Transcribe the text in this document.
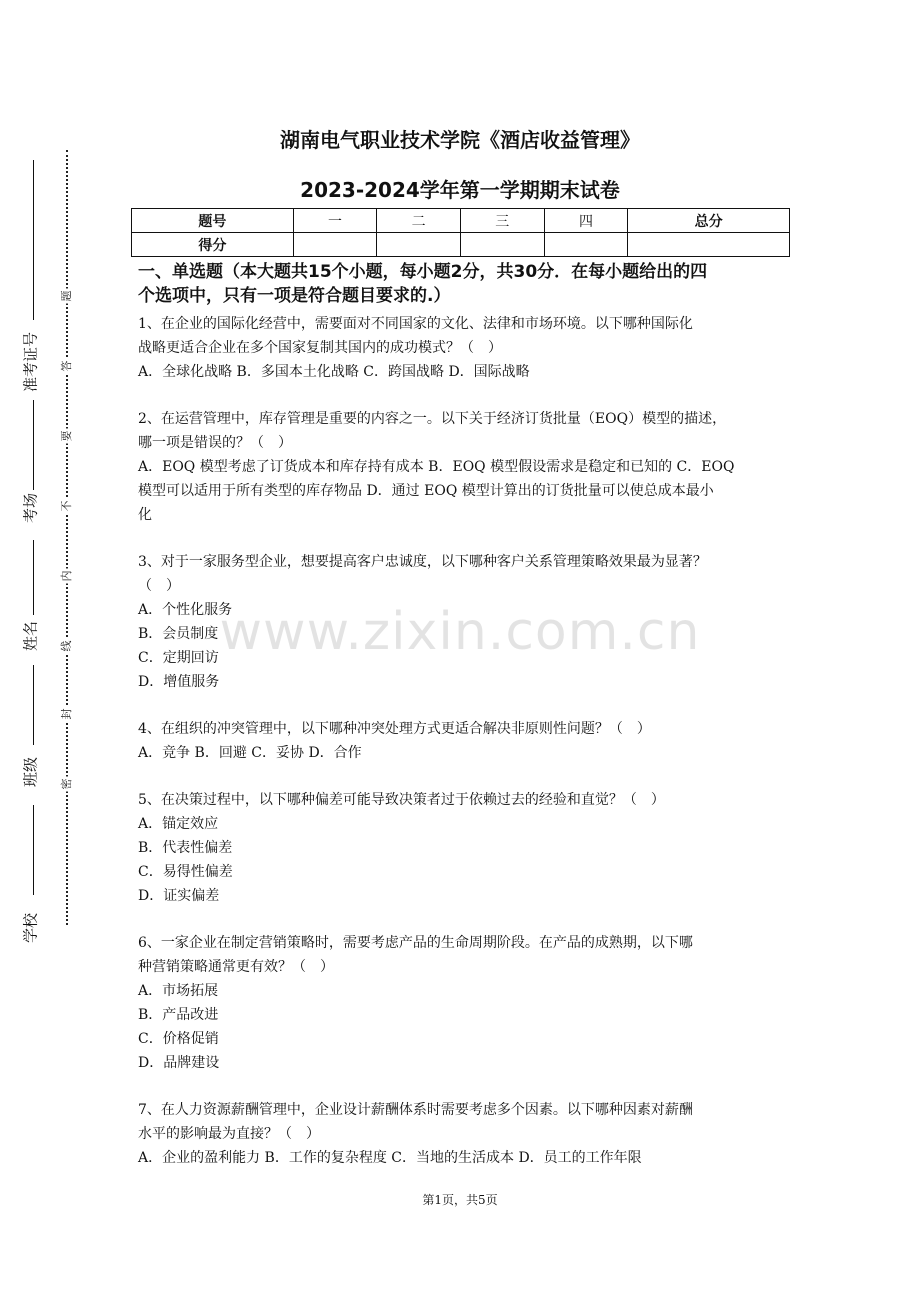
准考证号
考场
姓名
班级
学校
题
答
要
不
内
线
封
密
湖南电气职业技术学院《酒店收益管理》
2023-2024学年第一学期期末试卷
题号	一	二	三	四	总分
得分					
一、单选题（本大题共15个小题，每小题2分，共30分．在每小题给出的四
个选项中，只有一项是符合题目要求的.）

1、在企业的国际化经营中，需要面对不同国家的文化、法律和市场环境。以下哪种国际化

战略更适合企业在多个国家复制其国内的成功模式？（　）

A．全球化战略 B．多国本土化战略 C．跨国战略 D．国际战略

2、在运营管理中，库存管理是重要的内容之一。以下关于经济订货批量（EOQ）模型的描述，

哪一项是错误的？（　）

A．EOQ 模型考虑了订货成本和库存持有成本 B．EOQ 模型假设需求是稳定和已知的 C．EOQ

模型可以适用于所有类型的库存物品 D．通过 EOQ 模型计算出的订货批量可以使总成本最小

化

3、对于一家服务型企业，想要提高客户忠诚度，以下哪种客户关系管理策略效果最为显著？

（　）

A．个性化服务

B．会员制度

C．定期回访

D．增值服务

4、在组织的冲突管理中，以下哪种冲突处理方式更适合解决非原则性问题？（　）

A．竞争 B．回避 C．妥协 D．合作

5、在决策过程中，以下哪种偏差可能导致决策者过于依赖过去的经验和直觉？（　）

A．锚定效应

B．代表性偏差

C．易得性偏差

D．证实偏差

6、一家企业在制定营销策略时，需要考虑产品的生命周期阶段。在产品的成熟期，以下哪

种营销策略通常更有效？（　）

A．市场拓展

B．产品改进

C．价格促销

D．品牌建设

7、在人力资源薪酬管理中，企业设计薪酬体系时需要考虑多个因素。以下哪种因素对薪酬

水平的影响最为直接？（　）

A．企业的盈利能力 B．工作的复杂程度 C．当地的生活成本 D．员工的工作年限

www.zixin.com.cn
第1页，共5页
